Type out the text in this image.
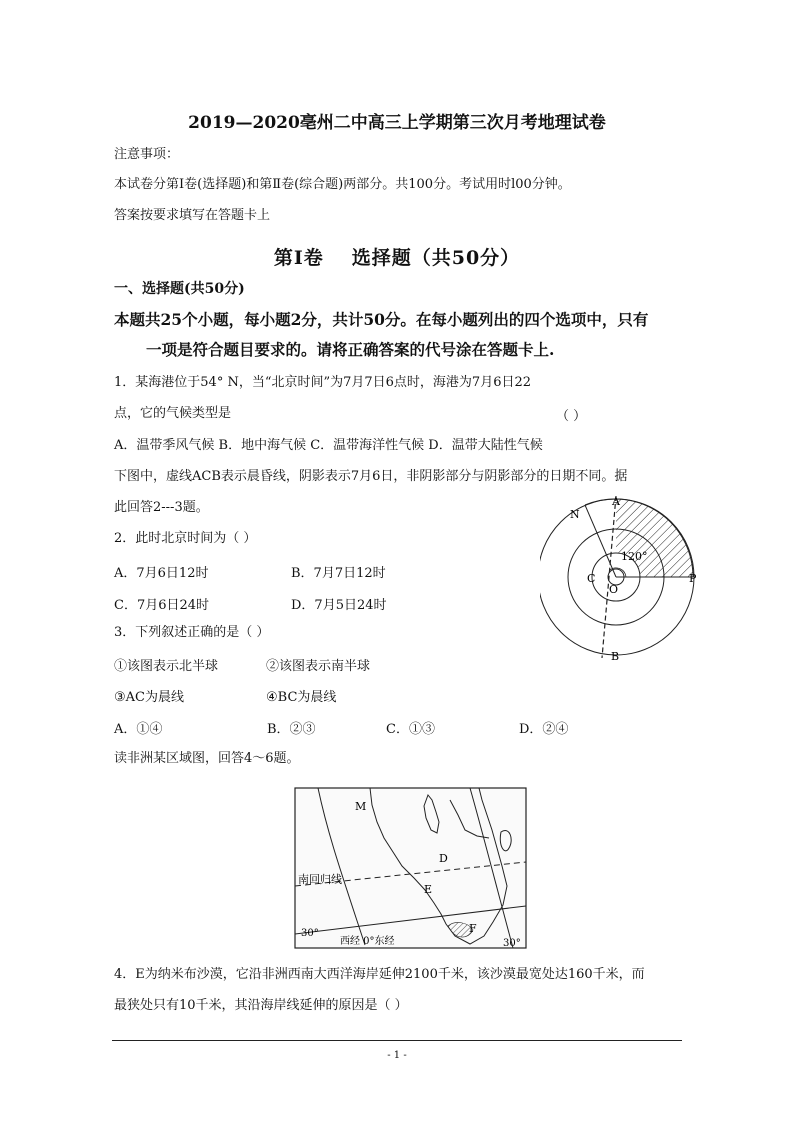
2019—2020亳州二中高三上学期第三次月考地理试卷
注意事项：
本试卷分第Ⅰ卷(选择题)和第Ⅱ卷(综合题)两部分。共100分。考试用时l00分钟。
答案按要求填写在答题卡上
第Ⅰ卷 选择题（共50分）
一、选择题(共50分)
本题共25个小题，每小题2分，共计50分。在每小题列出的四个选项中，只有
一项是符合题目要求的。请将正确答案的代号涂在答题卡上.
1．某海港位于54° N，当“北京时间”为7月7日6点时，海港为7月6日22
点，它的气候类型是	（ ）
A．温带季风气候 B．地中海气候 C．温带海洋性气候 D．温带大陆性气候
下图中，虚线ACB表示晨昏线，阴影表示7月6日，非阴影部分与阴影部分的日期不同。据
此回答2---3题。
2．此时北京时间为（ ）
A．7月6日12时	B．7月7日12时
C．7月6日24时	D．7月5日24时
3．下列叙述正确的是（ ）
①该图表示北半球	②该图表示南半球
③AC为晨线	④BC为晨线
A．①④	B．②③	C．①③	D．②④
读非洲某区域图，回答4～6题。
4．E为纳米布沙漠，它沿非洲西南大西洋海岸延伸2100千米，该沙漠最宽处达160千米，而
最狭处只有10千米，其沿海岸线延伸的原因是（ ）
A
N
C
O
P
B
120°
M
D
E
F
南回归线
30°
30°
西经 0°东经
- 1 -
